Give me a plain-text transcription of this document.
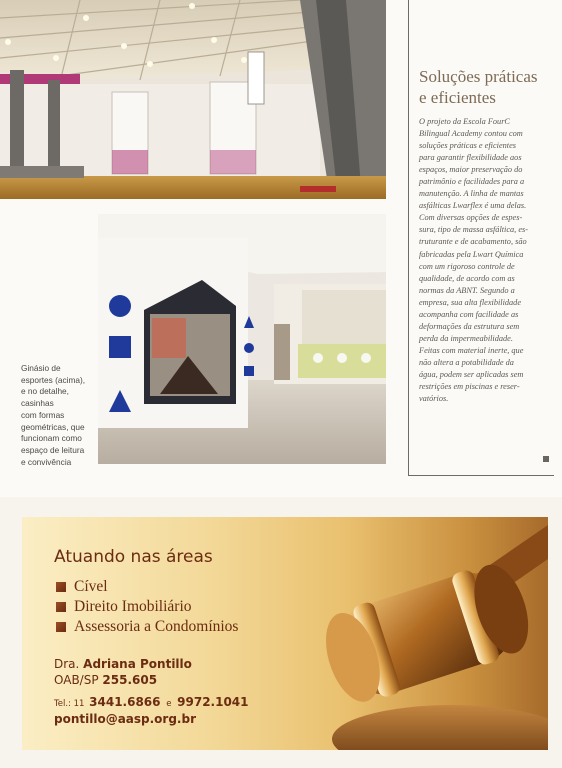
Ginásio de
esportes (acima),
e no detalhe,
casinhas
com formas
geométricas, que
funcionam como
espaço de leitura
e convivência
Soluções práticas
e eficientes
O projeto da Escola FourC
Bilingual Academy contou com
soluções práticas e eficientes
para garantir flexibilidade aos
espaços, maior preservação do
patrimônio e facilidades para a
manutenção. A linha de mantas
asfálticas Lwarflex é uma delas.
Com diversas opções de espes-
sura, tipo de massa asfáltica, es-
truturante e de acabamento, são
fabricadas pela Lwart Química
com um rigoroso controle de
qualidade, de acordo com as
normas da ABNT. Segundo a
empresa, sua alta flexibilidade
acompanha com facilidade as
deformações da estrutura sem
perda da impermeabilidade.
Feitas com material inerte, que
não altera a potabilidade da
água, podem ser aplicadas sem
restrições em piscinas e reser-
vatórios.
Atuando nas áreas
Cível
Direito Imobiliário
Assessoria a Condomínios
Dra. Adriana Pontillo
OAB/SP 255.605
Tel.: 11 3441.6866 e 9972.1041
pontillo@aasp.org.br
